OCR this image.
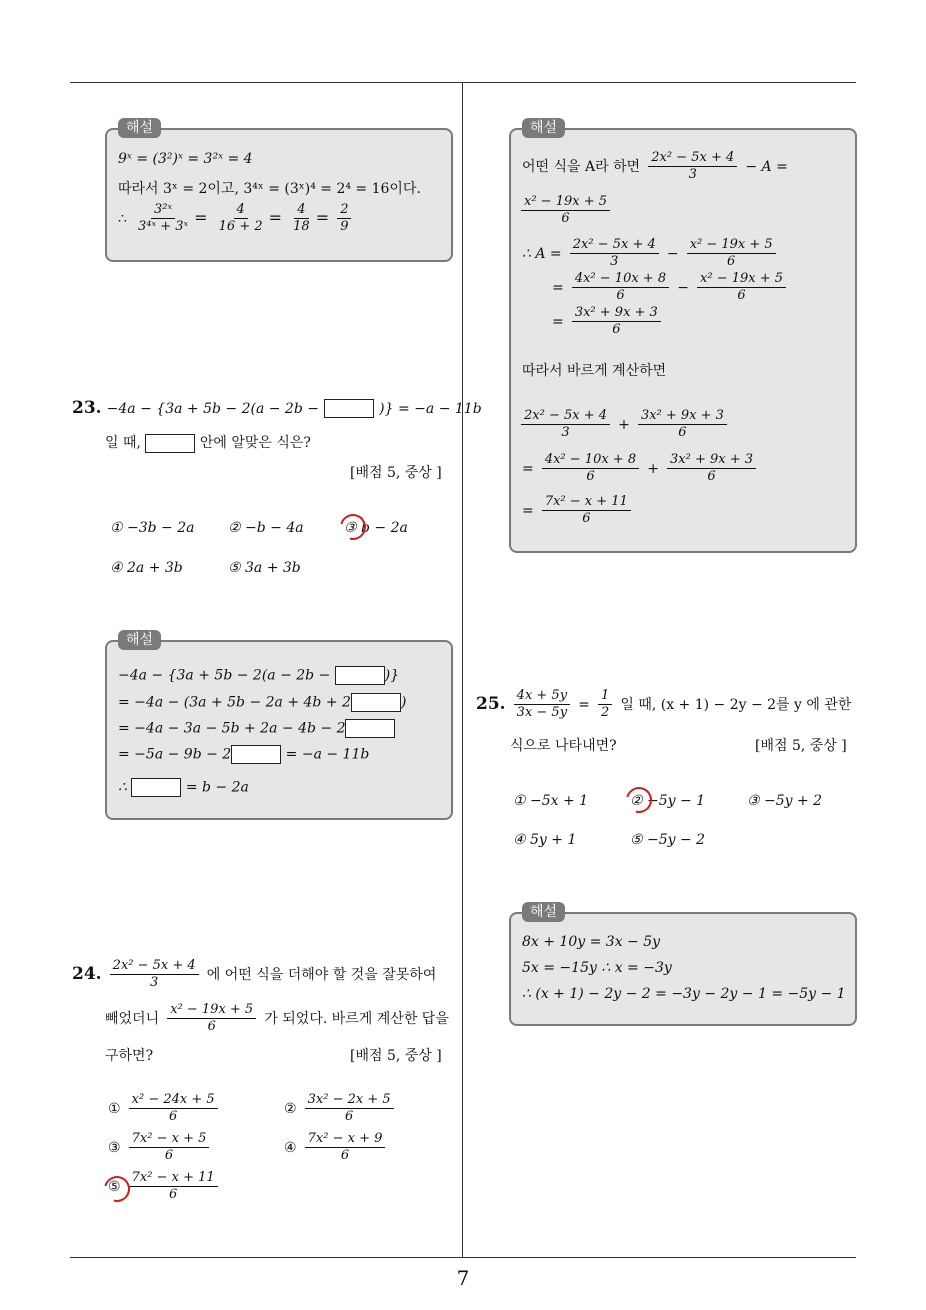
해설
9ˣ = (3²)ˣ = 3²ˣ = 4
따라서 3ˣ = 2이고, 3⁴ˣ = (3ˣ)⁴ = 2⁴ = 16이다.
∴ $\frac{\text{3²ˣ}}{\text{3⁴ˣ + 3ˣ}} = \frac{4}{16 + 2} = \frac{4}{18} = \frac{2}{9}$
23. −4a − {3a + 5b − 2(a − 2b −	)} = −a − 11b
일 때,	안에 알맞은 식은?
[배점 5, 중상 ]
① −3b − 2a ② −b − 4a	③ b − 2a
④ 2a + 3b	⑤ 3a + 3b
해설
−4a − {3a + 5b − 2(a − 2b −	)}
= −4a − (3a + 5b − 2a + 4b + 2	)
= −4a − 3a − 5b + 2a − 4b − 2
= −5a − 9b − 2	= −a − 11b
∴	= b − 2a
24. $\frac{\text{2x² − 5x + 4}}{3}$ 에 어떤 식을 더해야 할 것을 잘못하여
빼었더니 $\frac{\text{x² − 19x + 5}}{6}$ 가 되었다. 바르게 계산한 답을
구하면?	[배점 5, 중상 ]
① $\frac{\text{x² − 24x + 5}}{6}$	② $\frac{\text{3x² − 2x + 5}}{6}$
③ $\frac{\text{7x² − x + 5}}{6}$	④ $\frac{\text{7x² − x + 9}}{6}$
⑤ $\frac{\text{7x² − x + 11}}{6}$
해설
어떤 식을 A라 하면 $\frac{\text{2x² − 5x + 4}}{3} - A$ =
$\frac{\text{x² − 19x + 5}}{6}$
∴ $A = \frac{\text{2x² − 5x + 4}}{3} - \frac{\text{x² − 19x + 5}}{6}$
= $\frac{\text{4x² − 10x + 8}}{6} - \frac{\text{x² − 19x + 5}}{6}$
= $\frac{\text{3x² + 9x + 3}}{6}$
따라서 바르게 계산하면
$\frac{\text{2x² − 5x + 4}}{3} + \frac{\text{3x² + 9x + 3}}{6}$
= $\frac{\text{4x² − 10x + 8}}{6} + \frac{\text{3x² + 9x + 3}}{6}$
= $\frac{\text{7x² − x + 11}}{6}$
25. $\frac{4x + 5y}{3x - 5y} = \frac{1}{2}$ 일 때, (x + 1) − 2y − 2를 y 에 관한
식으로 나타내면?	[배점 5, 중상 ]
① −5x + 1	② −5y − 1	③ −5y + 2
④ 5y + 1	⑤ −5y − 2
해설
8x + 10y = 3x − 5y
5x = −15y ∴ x = −3y
∴ (x + 1) − 2y − 2 = −3y − 2y − 1 = −5y − 1
7
